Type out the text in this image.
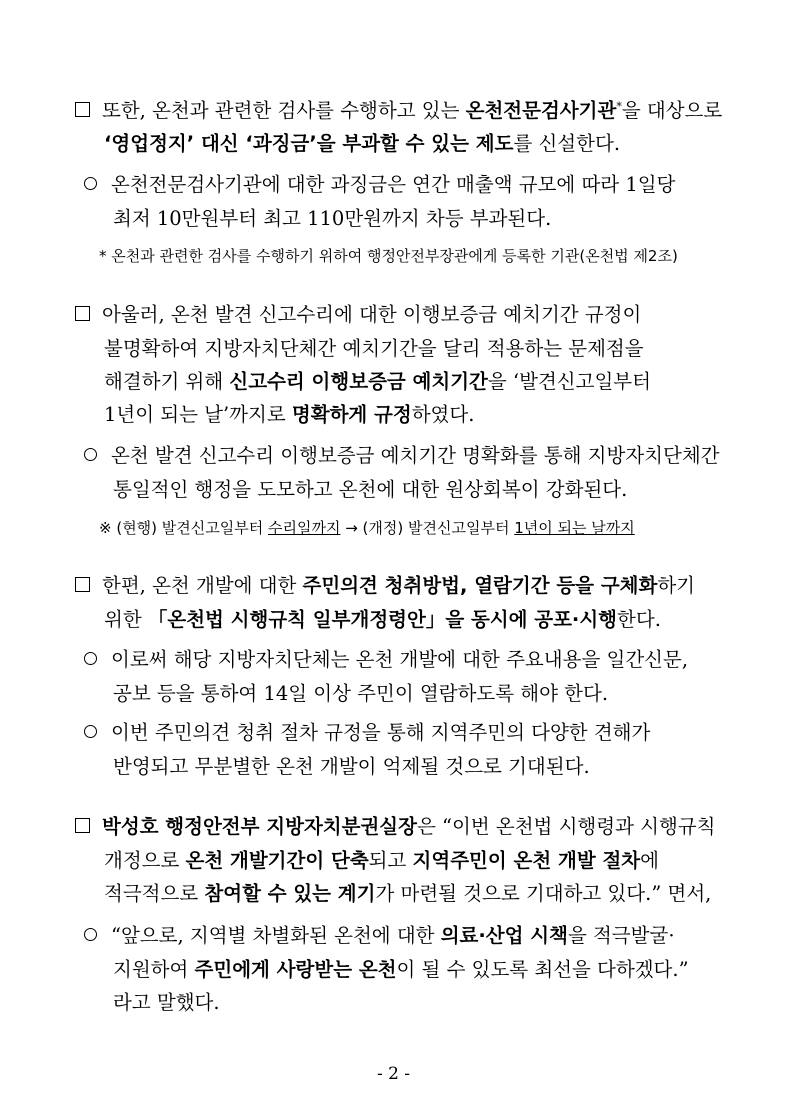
또한, 온천과 관련한 검사를 수행하고 있는 온천전문검사기관*을 대상으로
‘영업정지’ 대신 ‘과징금’을 부과할 수 있는 제도를 신설한다.
온천전문검사기관에 대한 과징금은 연간 매출액 규모에 따라 1일당
최저 10만원부터 최고 110만원까지 차등 부과된다.
* 온천과 관련한 검사를 수행하기 위하여 행정안전부장관에게 등록한 기관(온천법 제2조)
아울러, 온천 발견 신고수리에 대한 이행보증금 예치기간 규정이
불명확하여 지방자치단체간 예치기간을 달리 적용하는 문제점을
해결하기 위해 신고수리 이행보증금 예치기간을 ‘발견신고일부터
1년이 되는 날’까지로 명확하게 규정하였다.
온천 발견 신고수리 이행보증금 예치기간 명확화를 통해 지방자치단체간
통일적인 행정을 도모하고 온천에 대한 원상회복이 강화된다.
※ (현행) 발견신고일부터 수리일까지 → (개정) 발견신고일부터 1년이 되는 날까지
한편, 온천 개발에 대한 주민의견 청취방법, 열람기간 등을 구체화하기
위한 「온천법 시행규칙 일부개정령안」을 동시에 공포·시행한다.
이로써 해당 지방자치단체는 온천 개발에 대한 주요내용을 일간신문,
공보 등을 통하여 14일 이상 주민이 열람하도록 해야 한다.
이번 주민의견 청취 절차 규정을 통해 지역주민의 다양한 견해가
반영되고 무분별한 온천 개발이 억제될 것으로 기대된다.
박성호 행정안전부 지방자치분권실장은 “이번 온천법 시행령과 시행규칙
개정으로 온천 개발기간이 단축되고 지역주민이 온천 개발 절차에
적극적으로 참여할 수 있는 계기가 마련될 것으로 기대하고 있다.” 면서,
“앞으로, 지역별 차별화된 온천에 대한 의료·산업 시책을 적극발굴·
지원하여 주민에게 사랑받는 온천이 될 수 있도록 최선을 다하겠다.”
라고 말했다.
- 2 -
